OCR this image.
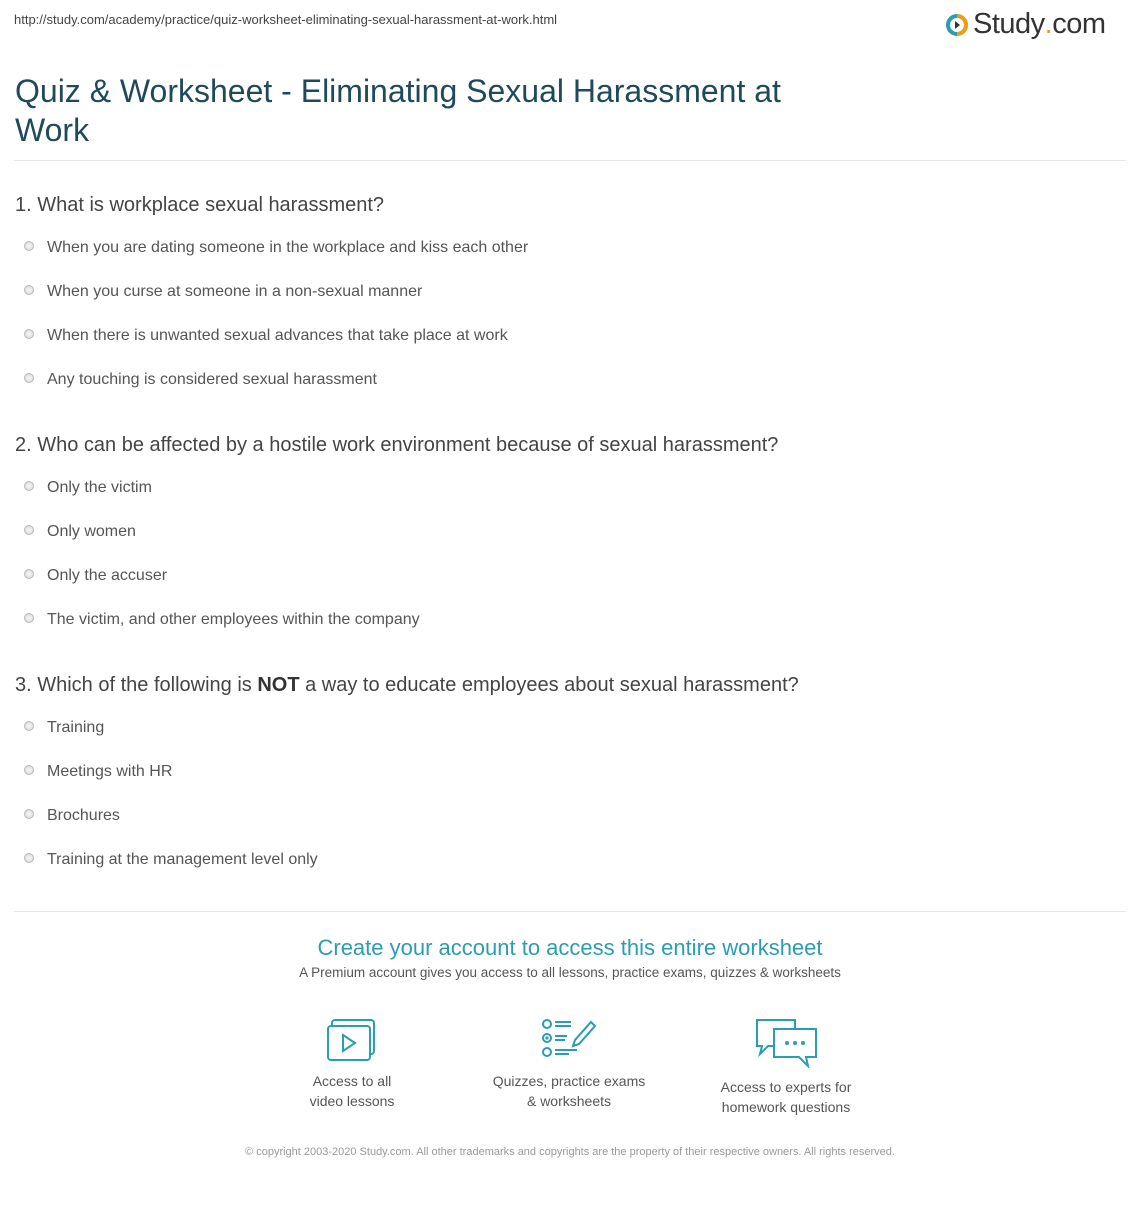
http://study.com/academy/practice/quiz-worksheet-eliminating-sexual-harassment-at-work.html	Study . com
Quiz & Worksheet - Eliminating Sexual Harassment at Work
1. What is workplace sexual harassment?
When you are dating someone in the workplace and kiss each other
When you curse at someone in a non-sexual manner
When there is unwanted sexual advances that take place at work
Any touching is considered sexual harassment
2. Who can be affected by a hostile work environment because of sexual harassment?
Only the victim
Only women
Only the accuser
The victim, and other employees within the company
3. Which of the following is NOT a way to educate employees about sexual harassment?
Training
Meetings with HR
Brochures
Training at the management level only
Create your account to access this entire worksheet
A Premium account gives you access to all lessons, practice exams, quizzes & worksheets
Access to all
video lessons
Quizzes, practice exams
& worksheets
Access to experts for
homework questions
© copyright 2003-2020 Study.com. All other trademarks and copyrights are the property of their respective owners. All rights reserved.
